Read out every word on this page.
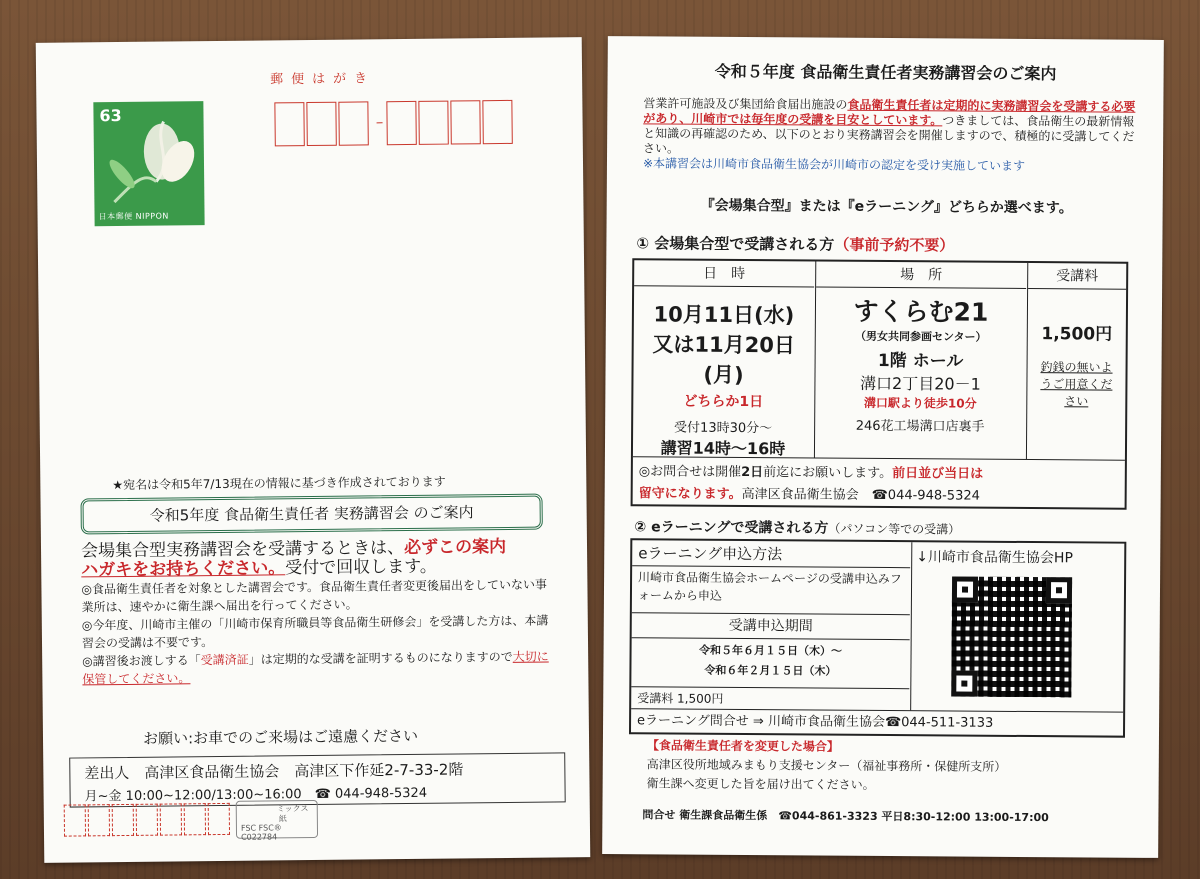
63
日本郵便 NIPPON
郵便はがき
★宛名は令和5年7/13現在の情報に基づき作成されております
令和5年度 食品衛生責任者 実務講習会 のご案内
会場集合型実務講習会を受講するときは、必ずこの案内
ハガキをお持ちください。受付で回収します。
◎食品衛生責任者を対象とした講習会です。食品衛生責任者変更後届出をしていない事業所は、速やかに衛生課へ届出を行ってください。
◎今年度、川崎市主催の「川崎市保育所職員等食品衛生研修会」を受講した方は、本講習会の受講は不要です。
◎講習後お渡しする「受講済証」は定期的な受講を証明するものになりますので大切に保管してください。
お願い:お車でのご来場はご遠慮ください
差出人　高津区食品衛生協会　高津区下作延2-7-33-2階
月~金 10:00~12:00/13:00~16:00　☎ 044-948-5324
ミックス
紙
FSC FSC® C022784
令和５年度 食品衛生責任者実務講習会のご案内
営業許可施設及び集団給食届出施設の食品衛生責任者は定期的に実務講習会を受講する必要があり、川崎市では毎年度の受講を目安としています。つきましては、食品衛生の最新情報と知識の再確認のため、以下のとおり実務講習会を開催しますので、積極的に受講してください。
※本講習会は川崎市食品衛生協会が川崎市の認定を受け実施しています
『会場集合型』または『eラーニング』どちらか選べます。
① 会場集合型で受講される方（事前予約不要）
日　時	場　所	受講料
10月11日(水)
又は11月20日(月)
どちらか1日
受付13時30分～
講習14時～16時
すくらむ21
（男女共同参画センター）
1階 ホール
溝口2丁目20－1
溝口駅より徒歩10分
246花工場溝口店裏手
1,500円
釣銭の無いようご用意ください
◎お問合せは開催2日前迄にお願いします。前日並び当日は
留守になります。高津区食品衛生協会　☎044-948-5324
② eラーニングで受講される方（パソコン等での受講）
eラーニング申込方法
川崎市食品衛生協会ホームページの受講申込みフォームから申込
受講申込期間
令和５年６月１５日（木）～
令和６年２月１５日（木）
受講料 1,500円
↓川崎市食品衛生協会HP
eラーニング問合せ ⇒ 川崎市食品衛生協会☎044-511-3133
【食品衛生責任者を変更した場合】
高津区役所地域みまもり支援センター（福祉事務所・保健所支所）
衛生課へ変更した旨を届け出てください。
問合せ 衛生課食品衛生係　☎044-861-3323 平日8:30-12:00 13:00-17:00
